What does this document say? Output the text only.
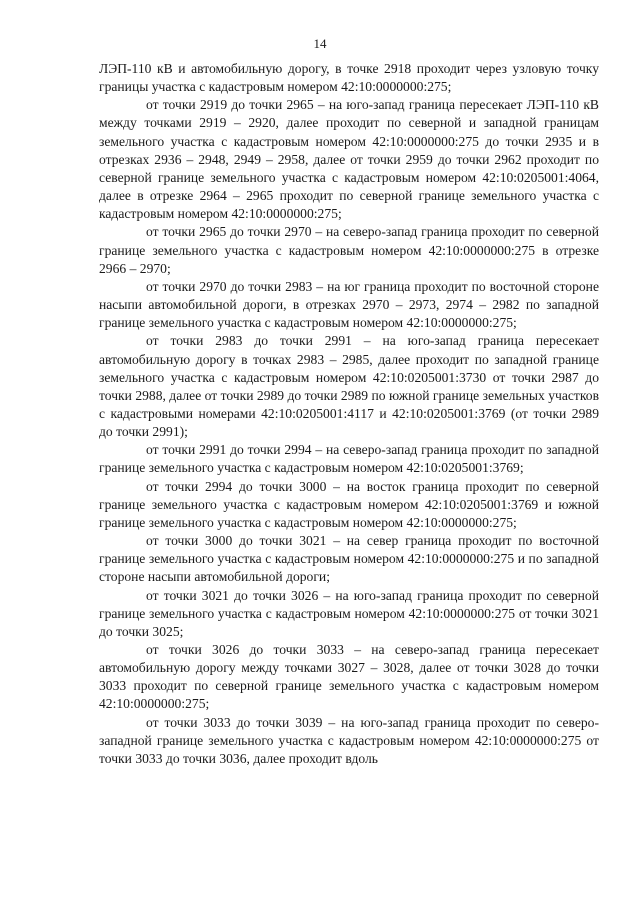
14

ЛЭП-110 кВ и автомобильную дорогу, в точке 2918 проходит через узловую точку границы участка с кадастровым номером 42:10:0000000:275;

от точки 2919 до точки 2965 – на юго-запад граница пересекает ЛЭП-110 кВ между точками 2919 – 2920, далее проходит по северной и западной границам земельного участка с кадастровым номером 42:10:0000000:275 до точки 2935 и в отрезках 2936 – 2948, 2949 – 2958, далее от точки 2959 до точки 2962 проходит по северной границе земельного участка с кадастровым номером 42:10:0205001:4064, далее в отрезке 2964 – 2965 проходит по северной границе земельного участка с кадастровым номером 42:10:0000000:275;

от точки 2965 до точки 2970 – на северо-запад граница проходит по северной границе земельного участка с кадастровым номером 42:10:0000000:275 в отрезке 2966 – 2970;

от точки 2970 до точки 2983 – на юг граница проходит по восточной стороне насыпи автомобильной дороги, в отрезках 2970 – 2973, 2974 – 2982 по западной границе земельного участка с кадастровым номером 42:10:0000000:275;

от точки 2983 до точки 2991 – на юго-запад граница пересекает автомобильную дорогу в точках 2983 – 2985, далее проходит по западной границе земельного участка с кадастровым номером 42:10:0205001:3730 от точки 2987 до точки 2988, далее от точки 2989 до точки 2989 по южной границе земельных участков с кадастровыми номерами 42:10:0205001:4117 и 42:10:0205001:3769 (от точки 2989 до точки 2991);

от точки 2991 до точки 2994 – на северо-запад граница проходит по западной границе земельного участка с кадастровым номером 42:10:0205001:3769;

от точки 2994 до точки 3000 – на восток граница проходит по северной границе земельного участка с кадастровым номером 42:10:0205001:3769 и южной границе земельного участка с кадастровым номером 42:10:0000000:275;

от точки 3000 до точки 3021 – на север граница проходит по восточной границе земельного участка с кадастровым номером 42:10:0000000:275 и по западной стороне насыпи автомобильной дороги;

от точки 3021 до точки 3026 – на юго-запад граница проходит по северной границе земельного участка с кадастровым номером 42:10:0000000:275 от точки 3021 до точки 3025;

от точки 3026 до точки 3033 – на северо-запад граница пересекает автомобильную дорогу между точками 3027 – 3028, далее от точки 3028 до точки 3033 проходит по северной границе земельного участка с кадастровым номером 42:10:0000000:275;

от точки 3033 до точки 3039 – на юго-запад граница проходит по северо-западной границе земельного участка с кадастровым номером 42:10:0000000:275 от точки 3033 до точки 3036, далее проходит вдоль
